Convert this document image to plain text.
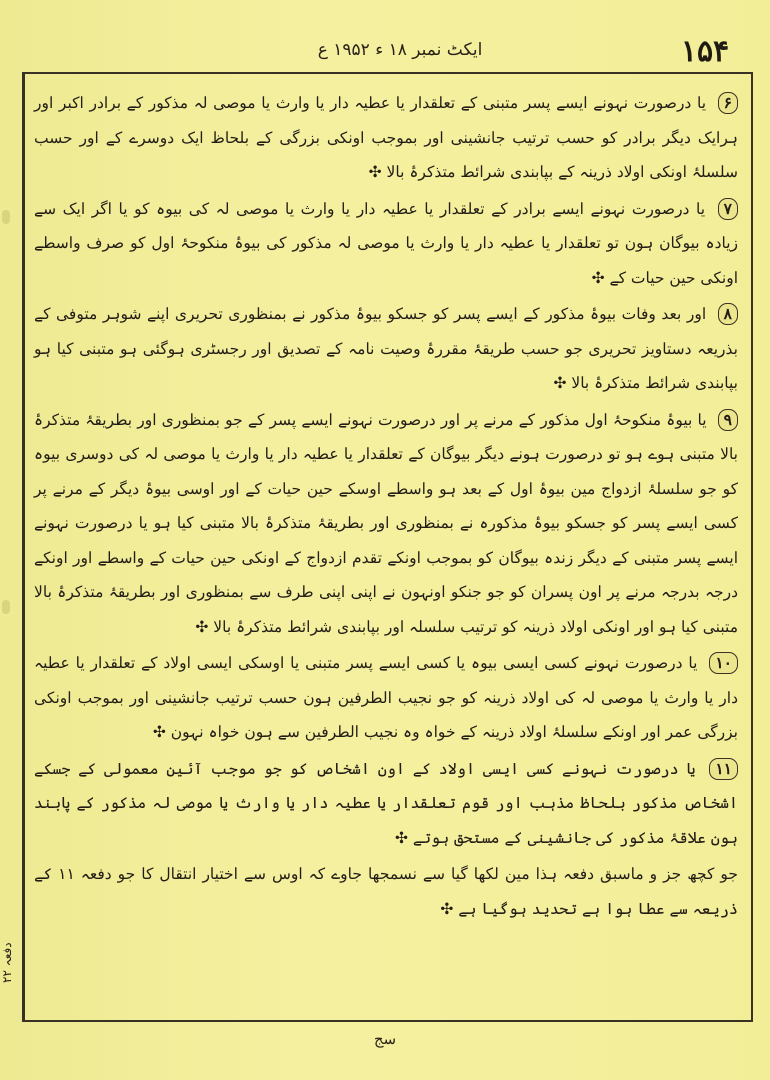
ایکٹ نمبر ۱۸ ء ۱۹۵۲ ع	۱۵۴

۶ یا درصورت نہونے ایسے پسر متبنی کے تعلقدار یا عطیہ دار یا وارث یا موصی لہ مذکور کے برادر اکبر اور ہرایک دیگر برادر کو حسب ترتیب جانشینی اور بموجب اونکی بزرگی کے بلحاظ ایک دوسرے کے اور حسب سلسلۂ اونکی اولاد ذرینہ کے بپابندی شرائط متذکرۂ بالا ✣

۷ یا درصورت نہونے ایسے برادر کے تعلقدار یا عطیہ دار یا وارث یا موصی لہ کی بیوہ کو یا اگر ایک سے زیادہ بیوگان ہون تو تعلقدار یا عطیہ دار یا وارث یا موصی لہ مذکور کی بیوۂ منکوحۂ اول کو صرف واسطے اونکی حین حیات کے ✣

۸ اور بعد وفات بیوۂ مذکور کے ایسے پسر کو جسکو بیوۂ مذکور نے بمنظوری تحریری اپنے شوہر متوفی کے بذریعہ دستاویز تحریری جو حسب طریقۂ مقررۂ وصیت نامہ کے تصدیق اور رجسٹری ہوگئی ہو متبنی کیا ہو بپابندی شرائط متذکرۂ بالا ✣

۹ یا بیوۂ منکوحۂ اول مذکور کے مرنے پر اور درصورت نہونے ایسے پسر کے جو بمنظوری اور بطریقۂ متذکرۂ بالا متبنی ہوے ہو تو درصورت ہونے دیگر بیوگان کے تعلقدار یا عطیہ دار یا وارث یا موصی لہ کی دوسری بیوہ کو جو سلسلۂ ازدواج مین بیوۂ اول کے بعد ہو واسطے اوسکے حین حیات کے اور اوسی بیوۂ دیگر کے مرنے پر کسی ایسے پسر کو جسکو بیوۂ مذکورہ نے بمنظوری اور بطریقۂ متذکرۂ بالا متبنی کیا ہو یا درصورت نہونے ایسے پسر متبنی کے دیگر زندہ بیوگان کو بموجب اونکے تقدم ازدواج کے اونکی حین حیات کے واسطے اور اونکے درجہ بدرجہ مرنے پر اون پسران کو جو جنکو اونہون نے اپنی اپنی طرف سے بمنظوری اور بطریقۂ متذکرۂ بالا متبنی کیا ہو اور اونکی اولاد ذرینہ کو ترتیب سلسلہ اور بپابندی شرائط متذکرۂ بالا ✣

۱۰ یا درصورت نہونے کسی ایسی بیوہ یا کسی ایسے پسر متبنی یا اوسکی ایسی اولاد کے تعلقدار یا عطیہ دار یا وارث یا موصی لہ کی اولاد ذرینہ کو جو نجیب الطرفین ہون حسب ترتیب جانشینی اور بموجب اونکی بزرگی عمر اور اونکے سلسلۂ اولاد ذرینہ کے خواہ وہ نجیب الطرفین سے ہون خواہ نہون ✣

۱۱ یا درصورت نہونے کسی ایسی اولاد کے اون اشخاص کو جو موجب آئین معمولی کے جسکے اشخاص مذکور بلحاظ مذہب اور قوم تعلقدار یا عطیہ دار یا وارث یا موصی لہ مذکور کے پابند ہون علاقۂ مذکور کی جانشینی کے مستحق ہوتے ✣

جو کچھ جز و ماسبق دفعہ ہذا مین لکھا گیا سے نسمجھا جاوے کہ اوس سے اختیار انتقال کا جو دفعہ ۱۱ کے ذریعہ سے عطا ہوا ہے تحدید ہوگیا ہے ✣

دفعہ ۲۲
سج
